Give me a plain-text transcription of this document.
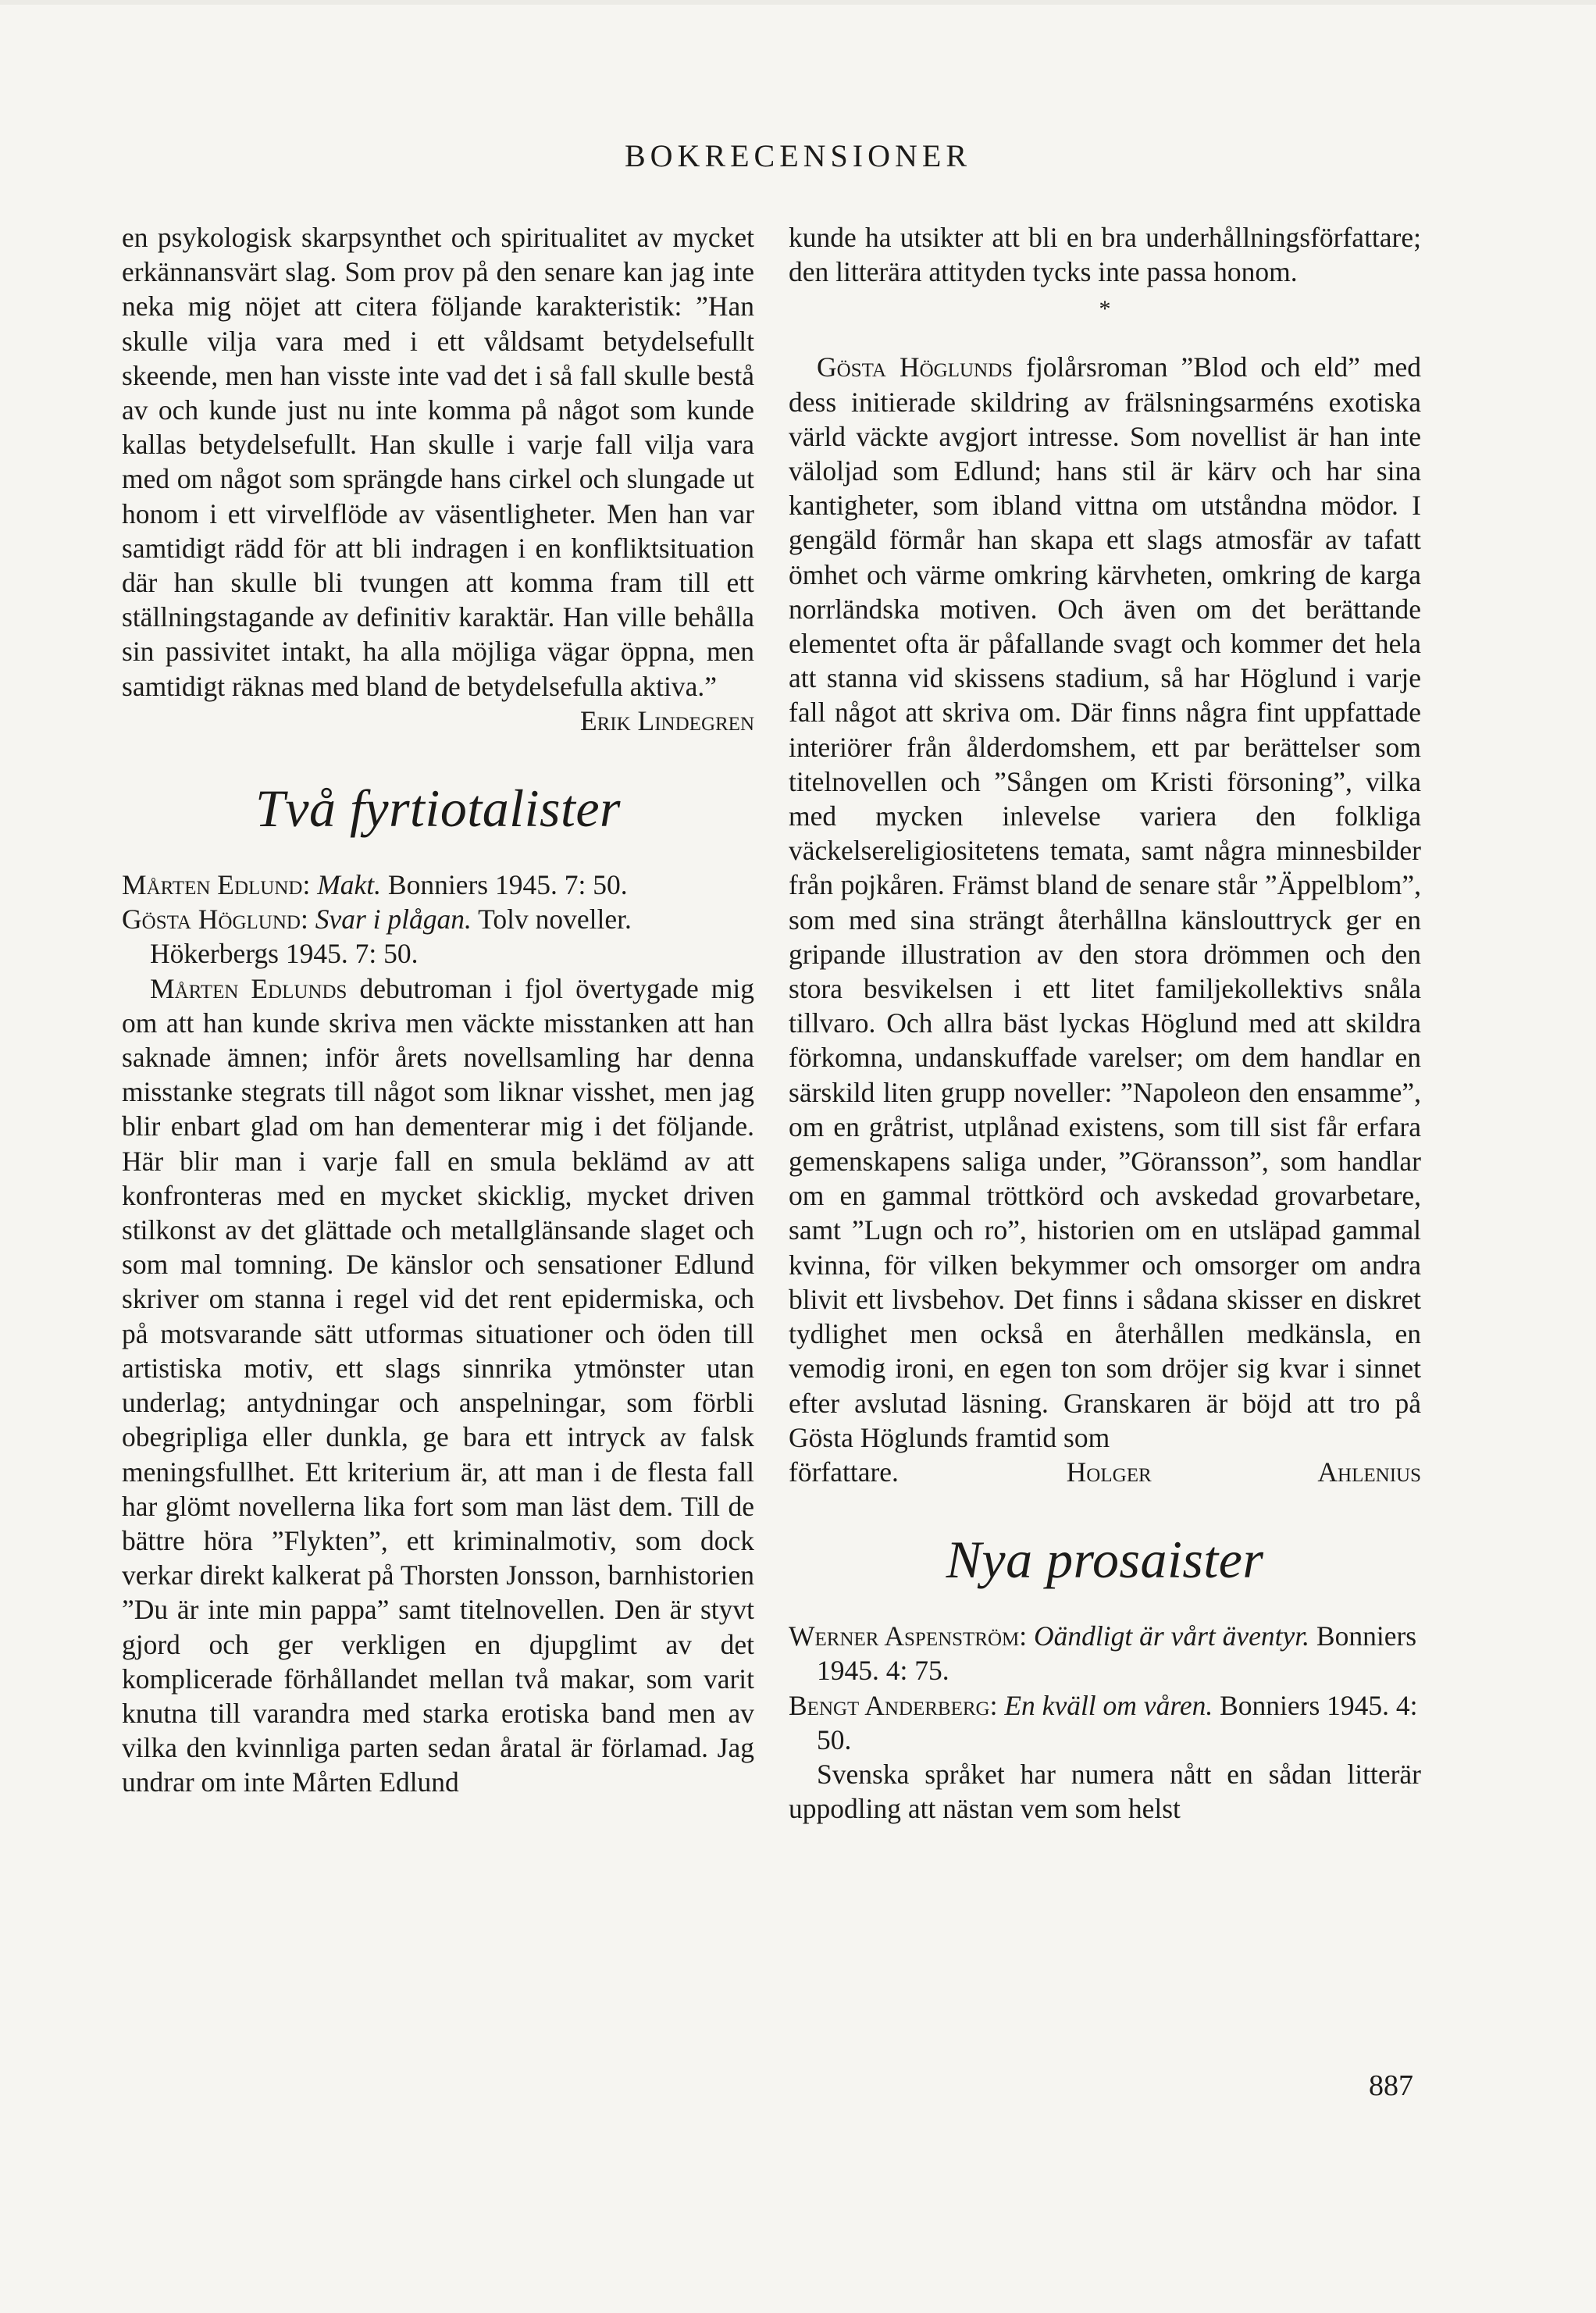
BOKRECENSIONER

en psykologisk skarpsynthet och spiritualitet av mycket erkännansvärt slag. Som prov på den senare kan jag inte neka mig nöjet att citera följande karakteristik: ”Han skulle vilja vara med i ett våldsamt betydelsefullt skeende, men han visste inte vad det i så fall skulle bestå av och kunde just nu inte komma på något som kunde kallas betydelsefullt. Han skulle i varje fall vilja vara med om något som sprängde hans cirkel och slungade ut honom i ett virvelflöde av väsentligheter. Men han var samtidigt rädd för att bli indragen i en konfliktsituation där han skulle bli tvungen att komma fram till ett ställningstagande av definitiv karaktär. Han ville behålla sin passivitet intakt, ha alla möjliga vägar öppna, men samtidigt räknas med bland de betydelsefulla aktiva.”

Erik Lindegren
Två fyrtiotalister

Mårten Edlund: Makt. Bonniers 1945. 7: 50.

Gösta Höglund: Svar i plågan. Tolv noveller. Hökerbergs 1945. 7: 50.

Mårten Edlunds debutroman i fjol övertygade mig om att han kunde skriva men väckte misstanken att han saknade ämnen; inför årets novellsamling har denna misstanke stegrats till något som liknar visshet, men jag blir enbart glad om han dementerar mig i det följande. Här blir man i varje fall en smula beklämd av att konfronteras med en mycket skicklig, mycket driven stilkonst av det glättade och metallglänsande slaget och som mal tomning. De känslor och sensationer Edlund skriver om stanna i regel vid det rent epidermiska, och på motsvarande sätt utformas situationer och öden till artistiska motiv, ett slags sinnrika ytmönster utan underlag; antydningar och anspelningar, som förbli obegripliga eller dunkla, ge bara ett intryck av falsk meningsfullhet. Ett kriterium är, att man i de flesta fall har glömt novellerna lika fort som man läst dem. Till de bättre höra ”Flykten”, ett kriminalmotiv, som dock verkar direkt kalkerat på Thorsten Jonsson, barnhistorien ”Du är inte min pappa” samt titelnovellen. Den är styvt gjord och ger verkligen en djupglimt av det komplicerade förhållandet mellan två makar, som varit knutna till varandra med starka erotiska band men av vilka den kvinnliga parten sedan åratal är förlamad. Jag undrar om inte Mårten Edlund

kunde ha utsikter att bli en bra underhållningsförfattare; den litterära attityden tycks inte passa honom.

*

Gösta Höglunds fjolårsroman ”Blod och eld” med dess initierade skildring av frälsningsarméns exotiska värld väckte avgjort intresse. Som novellist är han inte välоljad som Edlund; hans stil är kärv och har sina kantigheter, som ibland vittna om utståndna mödor. I gengäld förmår han skapa ett slags atmosfär av tafatt ömhet och värme omkring kärvheten, omkring de karga norrländska motiven. Och även om det berättande elementet ofta är påfallande svagt och kommer det hela att stanna vid skissens stadium, så har Höglund i varje fall något att skriva om. Där finns några fint uppfattade interiörer från ålderdomshem, ett par berättelser som titelnovellen och ”Sången om Kristi försoning”, vilka med mycken inlevelse variera den folkliga väckelsereligiositetens temata, samt några minnesbilder från pojkåren. Främst bland de senare står ”Äppelblom”, som med sina strängt återhållna känslouttryck ger en gripande illustration av den stora drömmen och den stora besvikelsen i ett litet familjekollektivs snåla tillvaro. Och allra bäst lyckas Höglund med att skildra förkomna, undanskuffade varelser; om dem handlar en särskild liten grupp noveller: ”Napoleon den ensamme”, om en gråtrist, utplånad existens, som till sist får erfara gemenskapens saliga under, ”Göransson”, som handlar om en gammal tröttkörd och avskedad grovarbetare, samt ”Lugn och ro”, historien om en utsläpad gammal kvinna, för vilken bekymmer och omsorger om andra blivit ett livsbehov. Det finns i sådana skisser en diskret tydlighet men också en återhållen medkänsla, en vemodig ironi, en egen ton som dröjer sig kvar i sinnet efter avslutad läsning. Granskaren är böjd att tro på Gösta Höglunds framtid som

författare.	Holger Ahlenius
Nya prosaister

Werner Aspenström: Oändligt är vårt äventyr. Bonniers 1945. 4: 75.

Bengt Anderberg: En kväll om våren. Bonniers 1945. 4: 50.

Svenska språket har numera nått en sådan litterär uppodling att nästan vem som helst

887
